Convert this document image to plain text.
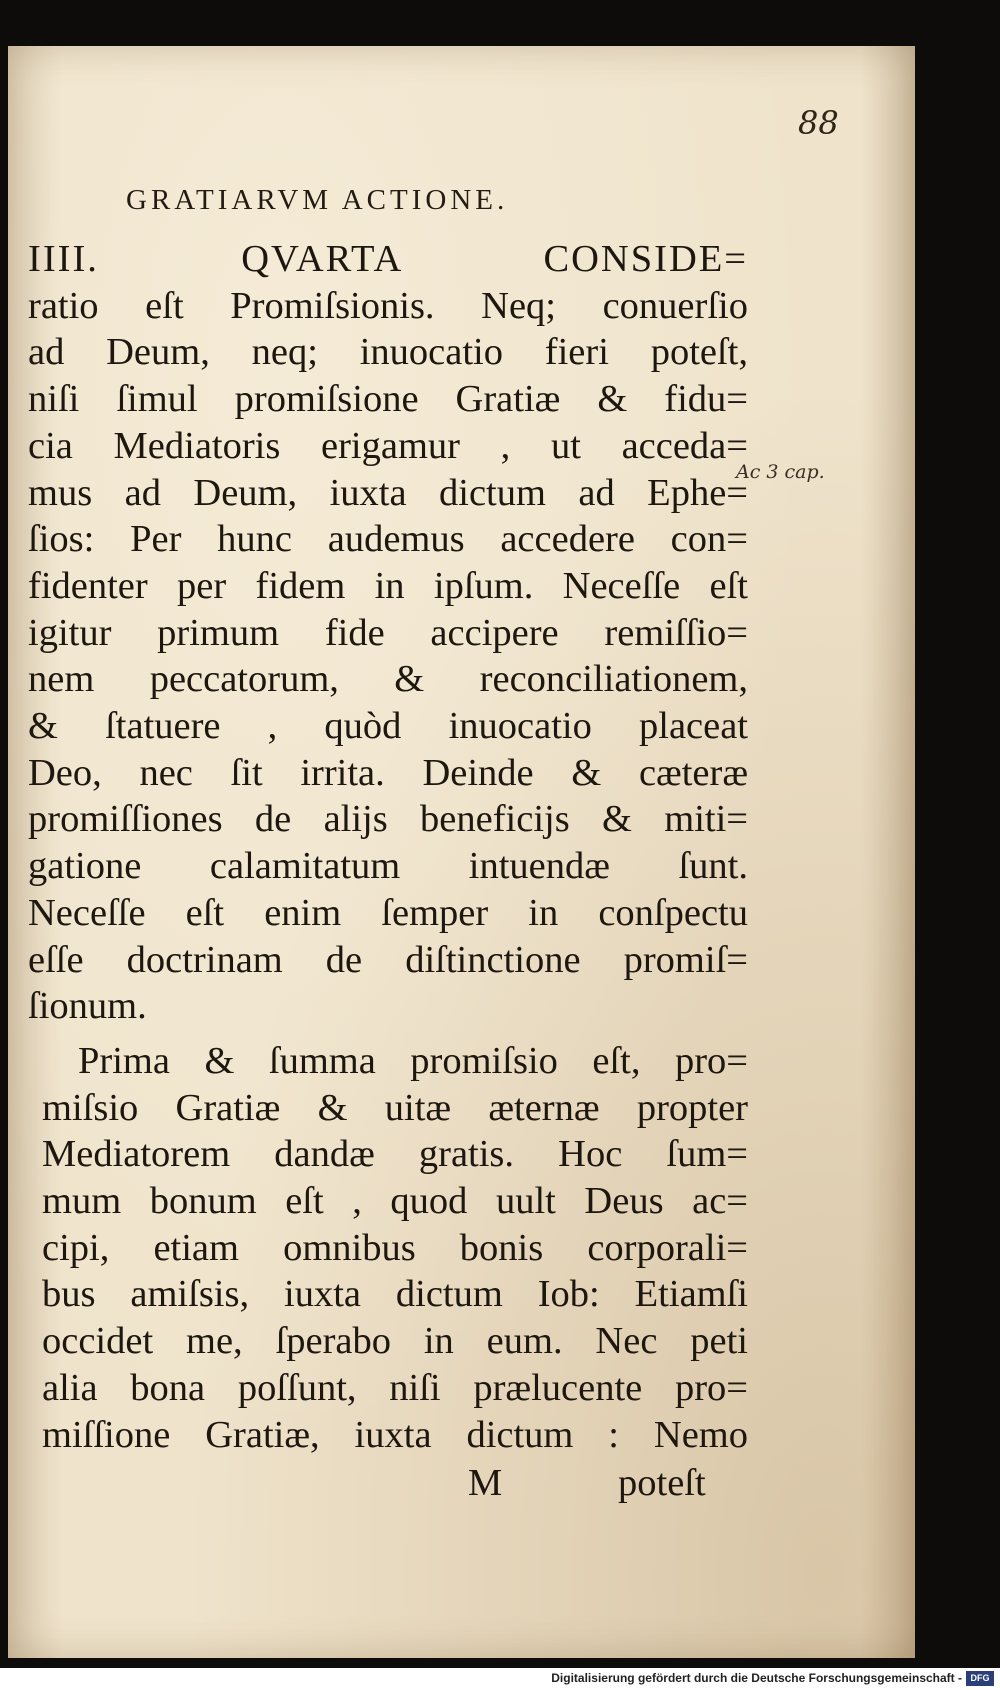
88
GRATIARVM ACTIONE.
Ac 3 cap.
IIII. QVARTA CONSIDE=
ratio eſt Promiſsionis. Neq; conuerſio
ad Deum, neq; inuocatio fieri poteſt,
niſi ſimul promiſsione Gratiæ & fidu=
cia Mediatoris erigamur , ut acceda=
mus ad Deum, iuxta dictum ad Ephe=
ſios: Per hunc audemus accedere con=
fidenter per fidem in ipſum. Neceſſe eſt
igitur primum fide accipere remiſſio=
nem peccatorum, & reconciliationem,
& ſtatuere , quòd inuocatio placeat
Deo, nec ſit irrita. Deinde & cæteræ
promiſſiones de alijs beneficijs & miti=
gatione calamitatum intuendæ ſunt.
Neceſſe eſt enim ſemper in conſpectu
eſſe doctrinam de diſtinctione promiſ=
ſionum.
Prima & ſumma promiſsio eſt, pro=
miſsio Gratiæ & uitæ æternæ propter
Mediatorem dandæ gratis. Hoc ſum=
mum bonum eſt , quod uult Deus ac=
cipi, etiam omnibus bonis corporali=
bus amiſsis, iuxta dictum Iob: Etiamſi
occidet me, ſperabo in eum. Nec peti
alia bona poſſunt, niſi prælucente pro=
miſſione Gratiæ, iuxta dictum : Nemo
M	poteſt
Digitalisierung gefördert durch die Deutsche Forschungsgemeinschaft - DFG
